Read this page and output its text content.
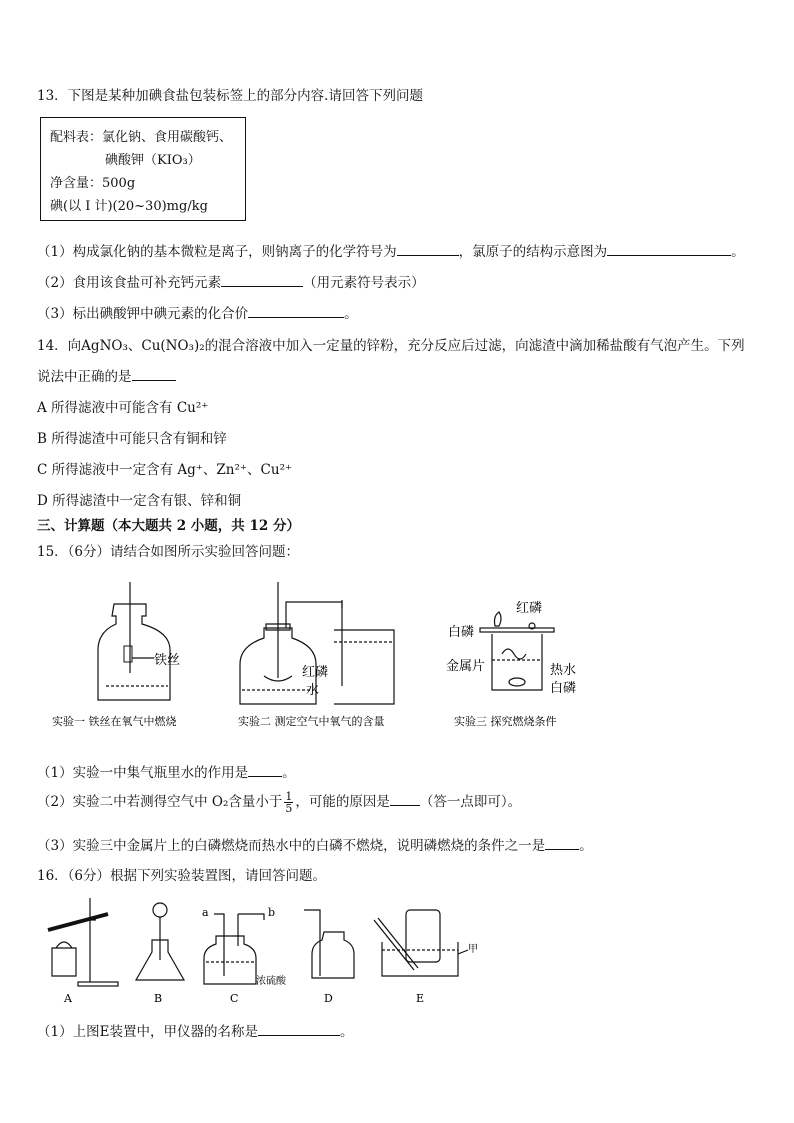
13．下图是某种加碘食盐包装标签上的部分内容.请回答下列问题
配料表：氯化钠、食用碳酸钙、
碘酸钾（KIO₃）
净含量：500g
碘(以 I 计)(20~30)mg/kg
（1）构成氯化钠的基本微粒是离子，则钠离子的化学符号为	，氯原子的结构示意图为	。
（2）食用该食盐可补充钙元素	（用元素符号表示）
（3）标出碘酸钾中碘元素的化合价	。
14．向AgNO₃、Cu(NO₃)₂的混合溶液中加入一定量的锌粉，充分反应后过滤，向滤渣中滴加稀盐酸有气泡产生。下列
说法中正确的是
A 所得滤液中可能含有 Cu²⁺
B 所得滤渣中可能只含有铜和锌
C 所得滤液中一定含有 Ag⁺、Zn²⁺、Cu²⁺
D 所得滤渣中一定含有银、锌和铜
三、计算题（本大题共 2 小题，共 12 分）
15．（6分）请结合如图所示实验回答问题：
铁丝
实验一 铁丝在氧气中燃烧
红磷
水
实验二 测定空气中氧气的含量
白磷
红磷
金属片	热水
白磷
实验三 探究燃烧条件
（1）实验一中集气瓶里水的作用是	。
（2）实验二中若测得空气中 O₂含量小于 $\frac{1}{5}$ ，可能的原因是 （答一点即可）。
（3）实验三中金属片上的白磷燃烧而热水中的白磷不燃烧，说明磷燃烧的条件之一是	。
16．（6分）根据下列实验装置图，请回答问题。
A	B
a	b
浓硫酸
C	D
甲
E
（1）上图E装置中，甲仪器的名称是	。
